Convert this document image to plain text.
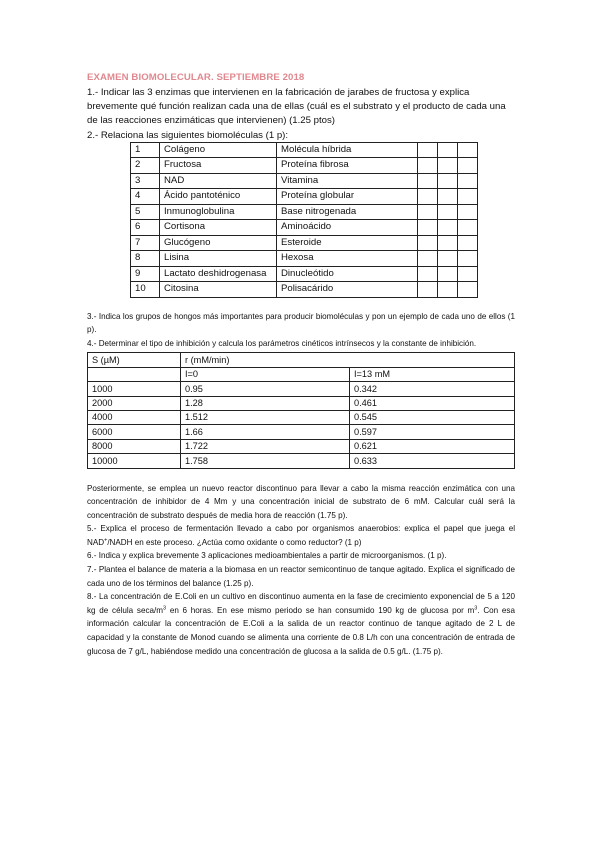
EXAMEN BIOMOLECULAR. SEPTIEMBRE 2018

1.- Indicar las 3 enzimas que intervienen en la fabricación de jarabes de fructosa y explica brevemente qué función realizan cada una de ellas (cuál es el substrato y el producto de cada una de las reacciones enzimáticas que intervienen) (1.25 ptos)

2.- Relaciona las siguientes biomoléculas (1 p):

1	Colágeno	Molécula híbrida			
2	Fructosa	Proteína fibrosa			
3	NAD	Vitamina			
4	Ácido pantoténico	Proteína globular			
5	Inmunoglobulina	Base nitrogenada			
6	Cortisona	Aminoácido			
7	Glucógeno	Esteroide			
8	Lisina	Hexosa			
9	Lactato deshidrogenasa	Dinucleótido			
10	Citosina	Polisacárido			

3.- Indica los grupos de hongos más importantes para producir biomoléculas y pon un ejemplo de cada uno de ellos (1 p).

4.- Determinar el tipo de inhibición y calcula los parámetros cinéticos intrínsecos y la constante de inhibición.

S (µM)	r (mM/min)	
	I=0	I=13 mM
1000	0.95	0.342
2000	1.28	0.461
4000	1.512	0.545
6000	1.66	0.597
8000	1.722	0.621
10000	1.758	0.633

Posteriormente, se emplea un nuevo reactor discontinuo para llevar a cabo la misma reacción enzimática con una concentración de inhibidor de 4 Mm y una concentración inicial de substrato de 6 mM. Calcular cuál será la concentración de substrato después de media hora de reacción (1.75 p).

5.- Explica el proceso de fermentación llevado a cabo por organismos anaerobios: explica el papel que juega el NAD+/NADH en este proceso. ¿Actúa como oxidante o como reductor? (1 p)

6.- Indica y explica brevemente 3 aplicaciones medioambientales a partir de microorganismos. (1 p).

7.- Plantea el balance de materia a la biomasa en un reactor semicontinuo de tanque agitado. Explica el significado de cada uno de los términos del balance (1.25 p).

8.- La concentración de E.Coli en un cultivo en discontinuo aumenta en la fase de crecimiento exponencial de 5 a 120 kg de célula seca/$m^3$ en 6 horas. En ese mismo periodo se han consumido 190 kg de glucosa por $m^3$. Con esa información calcular la concentración de E.Coli a la salida de un reactor continuo de tanque agitado de 2 L de capacidad y la constante de Monod cuando se alimenta una corriente de 0.8 L/h con una concentración de entrada de glucosa de 7 g/L, habiéndose medido una concentración de glucosa a la salida de 0.5 g/L. (1.75 p).
